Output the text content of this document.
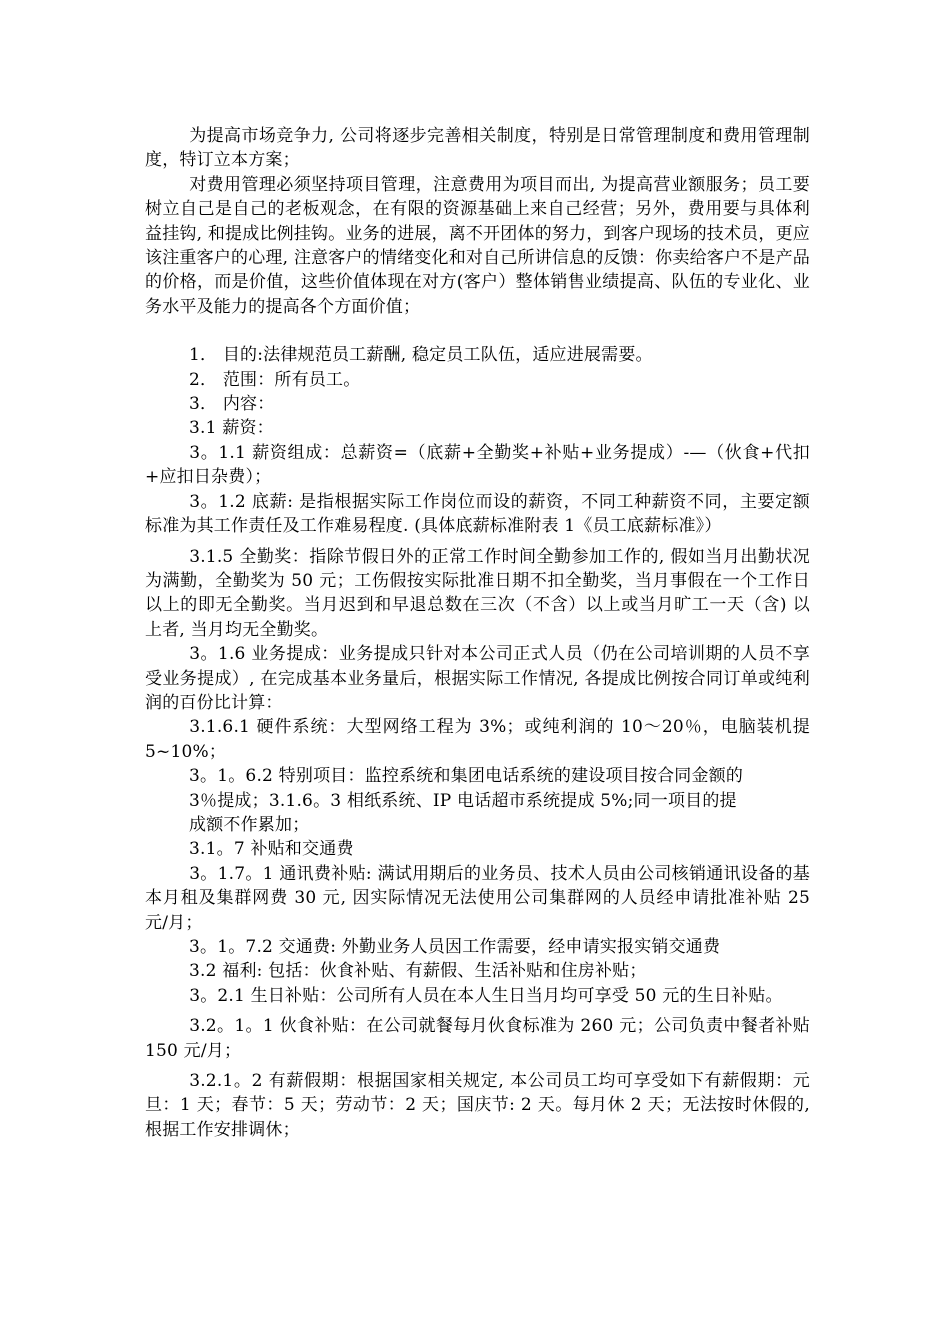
为提高市场竞争力, 公司将逐步完善相关制度，特别是日常管理制度和费用管理制度，特订立本方案；

对费用管理必须坚持项目管理，注意费用为项目而出, 为提高营业额服务；员工要树立自己是自己的老板观念，在有限的资源基础上来自己经营；另外，费用要与具体利益挂钩, 和提成比例挂钩。业务的进展，离不开团体的努力，到客户现场的技术员，更应该注重客户的心理, 注意客户的情绪变化和对自己所讲信息的反馈：你卖给客户不是产品的价格，而是价值，这些价值体现在对方(客户）整体销售业绩提高、队伍的专业化、业务水平及能力的提高各个方面价值；

1． 目的:法律规范员工薪酬, 稳定员工队伍，适应进展需要。

2． 范围：所有员工。

3． 内容：

3.1 薪资：

3。1.1 薪资组成：总薪资=（底薪+全勤奖+补贴+业务提成）-—（伙食+代扣+应扣日杂费）；

3。1.2 底薪: 是指根据实际工作岗位而设的薪资，不同工种薪资不同，主要定额标准为其工作责任及工作难易程度. (具体底薪标准附表 1《员工底薪标准》）

3.1.5 全勤奖：指除节假日外的正常工作时间全勤参加工作的, 假如当月出勤状况为满勤，全勤奖为 50 元；工伤假按实际批准日期不扣全勤奖，当月事假在一个工作日以上的即无全勤奖。当月迟到和早退总数在三次（不含）以上或当月旷工一天（含) 以上者, 当月均无全勤奖。

3。1.6 业务提成：业务提成只针对本公司正式人员（仍在公司培训期的人员不享受业务提成）, 在完成基本业务量后，根据实际工作情况, 各提成比例按合同订单或纯利润的百份比计算：

3.1.6.1 硬件系统：大型网络工程为 3%；或纯利润的 10～20％，电脑装机提 5~10%；

3。1。6.2 特别项目：监控系统和集团电话系统的建设项目按合同金额的

3％提成；3.1.6。3 相纸系统、IP 电话超市系统提成 5%;同一项目的提

成额不作累加；

3.1。7 补贴和交通费

3。1.7。1 通讯费补贴: 满试用期后的业务员、技术人员由公司核销通讯设备的基本月租及集群网费 30 元, 因实际情况无法使用公司集群网的人员经申请批准补贴 25 元/月；

3。1。7.2 交通费: 外勤业务人员因工作需要，经申请实报实销交通费

3.2 福利: 包括：伙食补贴、有薪假、生活补贴和住房补贴；

3。2.1 生日补贴：公司所有人员在本人生日当月均可享受 50 元的生日补贴。

3.2。1。1 伙食补贴：在公司就餐每月伙食标准为 260 元；公司负责中餐者补贴 150 元/月；

3.2.1。2 有薪假期：根据国家相关规定, 本公司员工均可享受如下有薪假期：元旦：1 天；春节：5 天；劳动节：2 天；国庆节: 2 天。每月休 2 天；无法按时休假的, 根据工作安排调休；
